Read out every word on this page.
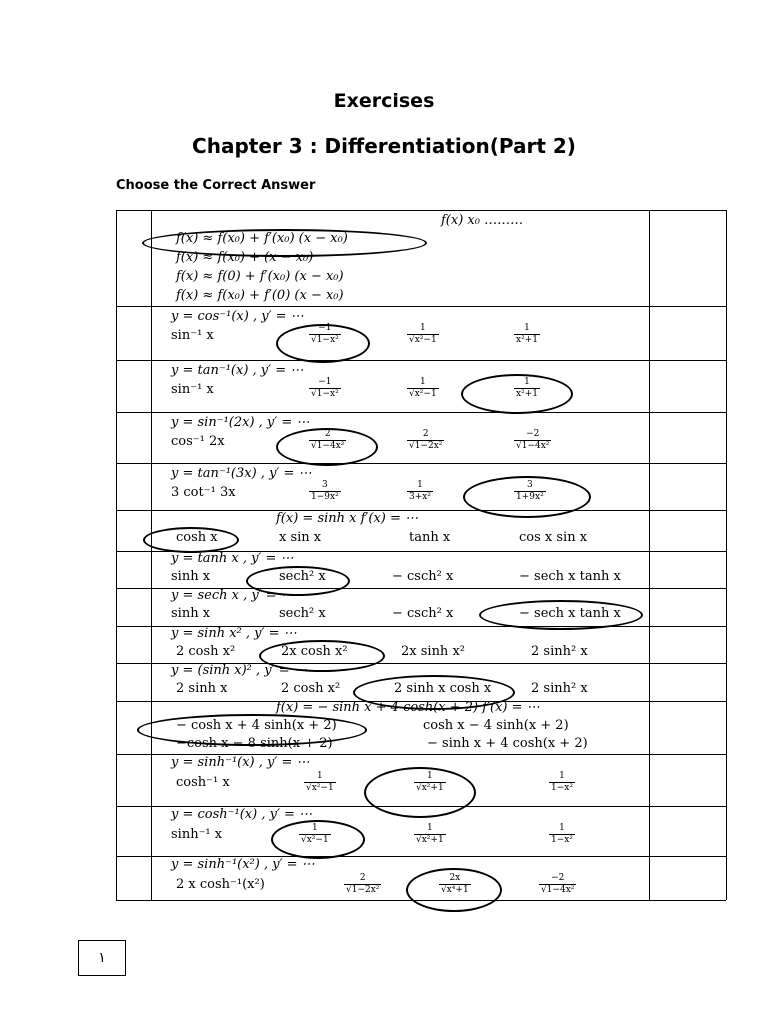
Exercises
Chapter 3 : Differentiation(Part 2)
Choose the Correct Answer
f(x) x₀ ………
f(x) ≈ f(x₀) + f′(x₀) (x − x₀)
f(x) ≈ f(x₀) + (x − x₀)
f(x) ≈ f(0) + f′(x₀) (x − x₀)
f(x) ≈ f(x₀) + f′(0) (x − x₀)
y = cos⁻¹(x) , y′ = ⋯
sin⁻¹ x	$\frac{-1}{\text{√1−x²}}$	$\frac{1}{\text{√x²−1}}$	$\frac{1}{\text{x²+1}}$
y = tan⁻¹(x) , y′ = ⋯
sin⁻¹ x	$\frac{-1}{\text{√1−x²}}$	$\frac{1}{\text{√x²−1}}$	$\frac{1}{\text{x²+1}}$
y = sin⁻¹(2x) , y′ = ⋯
cos⁻¹ 2x	$\frac{2}{\text{√1−4x²}}$	$\frac{2}{\text{√1−2x²}}$	$\frac{-2}{\text{√1−4x²}}$
y = tan⁻¹(3x) , y′ = ⋯
3 cot⁻¹ 3x	$\frac{3}{\text{1−9x²}}$	$\frac{1}{\text{3+x²}}$	$\frac{3}{\text{1+9x²}}$
f(x) = sinh x f′(x) = ⋯
cosh x	x sin x	tanh x	cos x sin x
y = tanh x , y′ = ⋯
sinh x	sech² x	− csch² x	− sech x tanh x
y = sech x , y′ = ⋯
sinh x	sech² x	− csch² x	− sech x tanh x
y = sinh x² , y′ = ⋯
2 cosh x²	2x cosh x²	2x sinh x²	2 sinh² x
y = (sinh x)² , y′ = ⋯
2 sinh x	2 cosh x²	2 sinh x cosh x	2 sinh² x
f(x) = − sinh x + 4 cosh(x + 2) f′(x) = ⋯
− cosh x + 4 sinh(x + 2)	cosh x − 4 sinh(x + 2)
−cosh x − 8 sinh(x + 2)	− sinh x + 4 cosh(x + 2)
y = sinh⁻¹(x) , y′ = ⋯
cosh⁻¹ x	$\frac{1}{\text{√x²−1}}$	$\frac{1}{\text{√x²+1}}$	$\frac{1}{\text{1−x²}}$
y = cosh⁻¹(x) , y′ = ⋯
sinh⁻¹ x	$\frac{1}{\text{√x²−1}}$	$\frac{1}{\text{√x²+1}}$	$\frac{1}{\text{1−x²}}$
y = sinh⁻¹(x²) , y′ = ⋯
2 x cosh⁻¹(x²)	$\frac{2}{\text{√1−2x²}}$	$\frac{2x}{\text{√x⁴+1}}$	$\frac{-2}{\text{√1−4x²}}$
١
